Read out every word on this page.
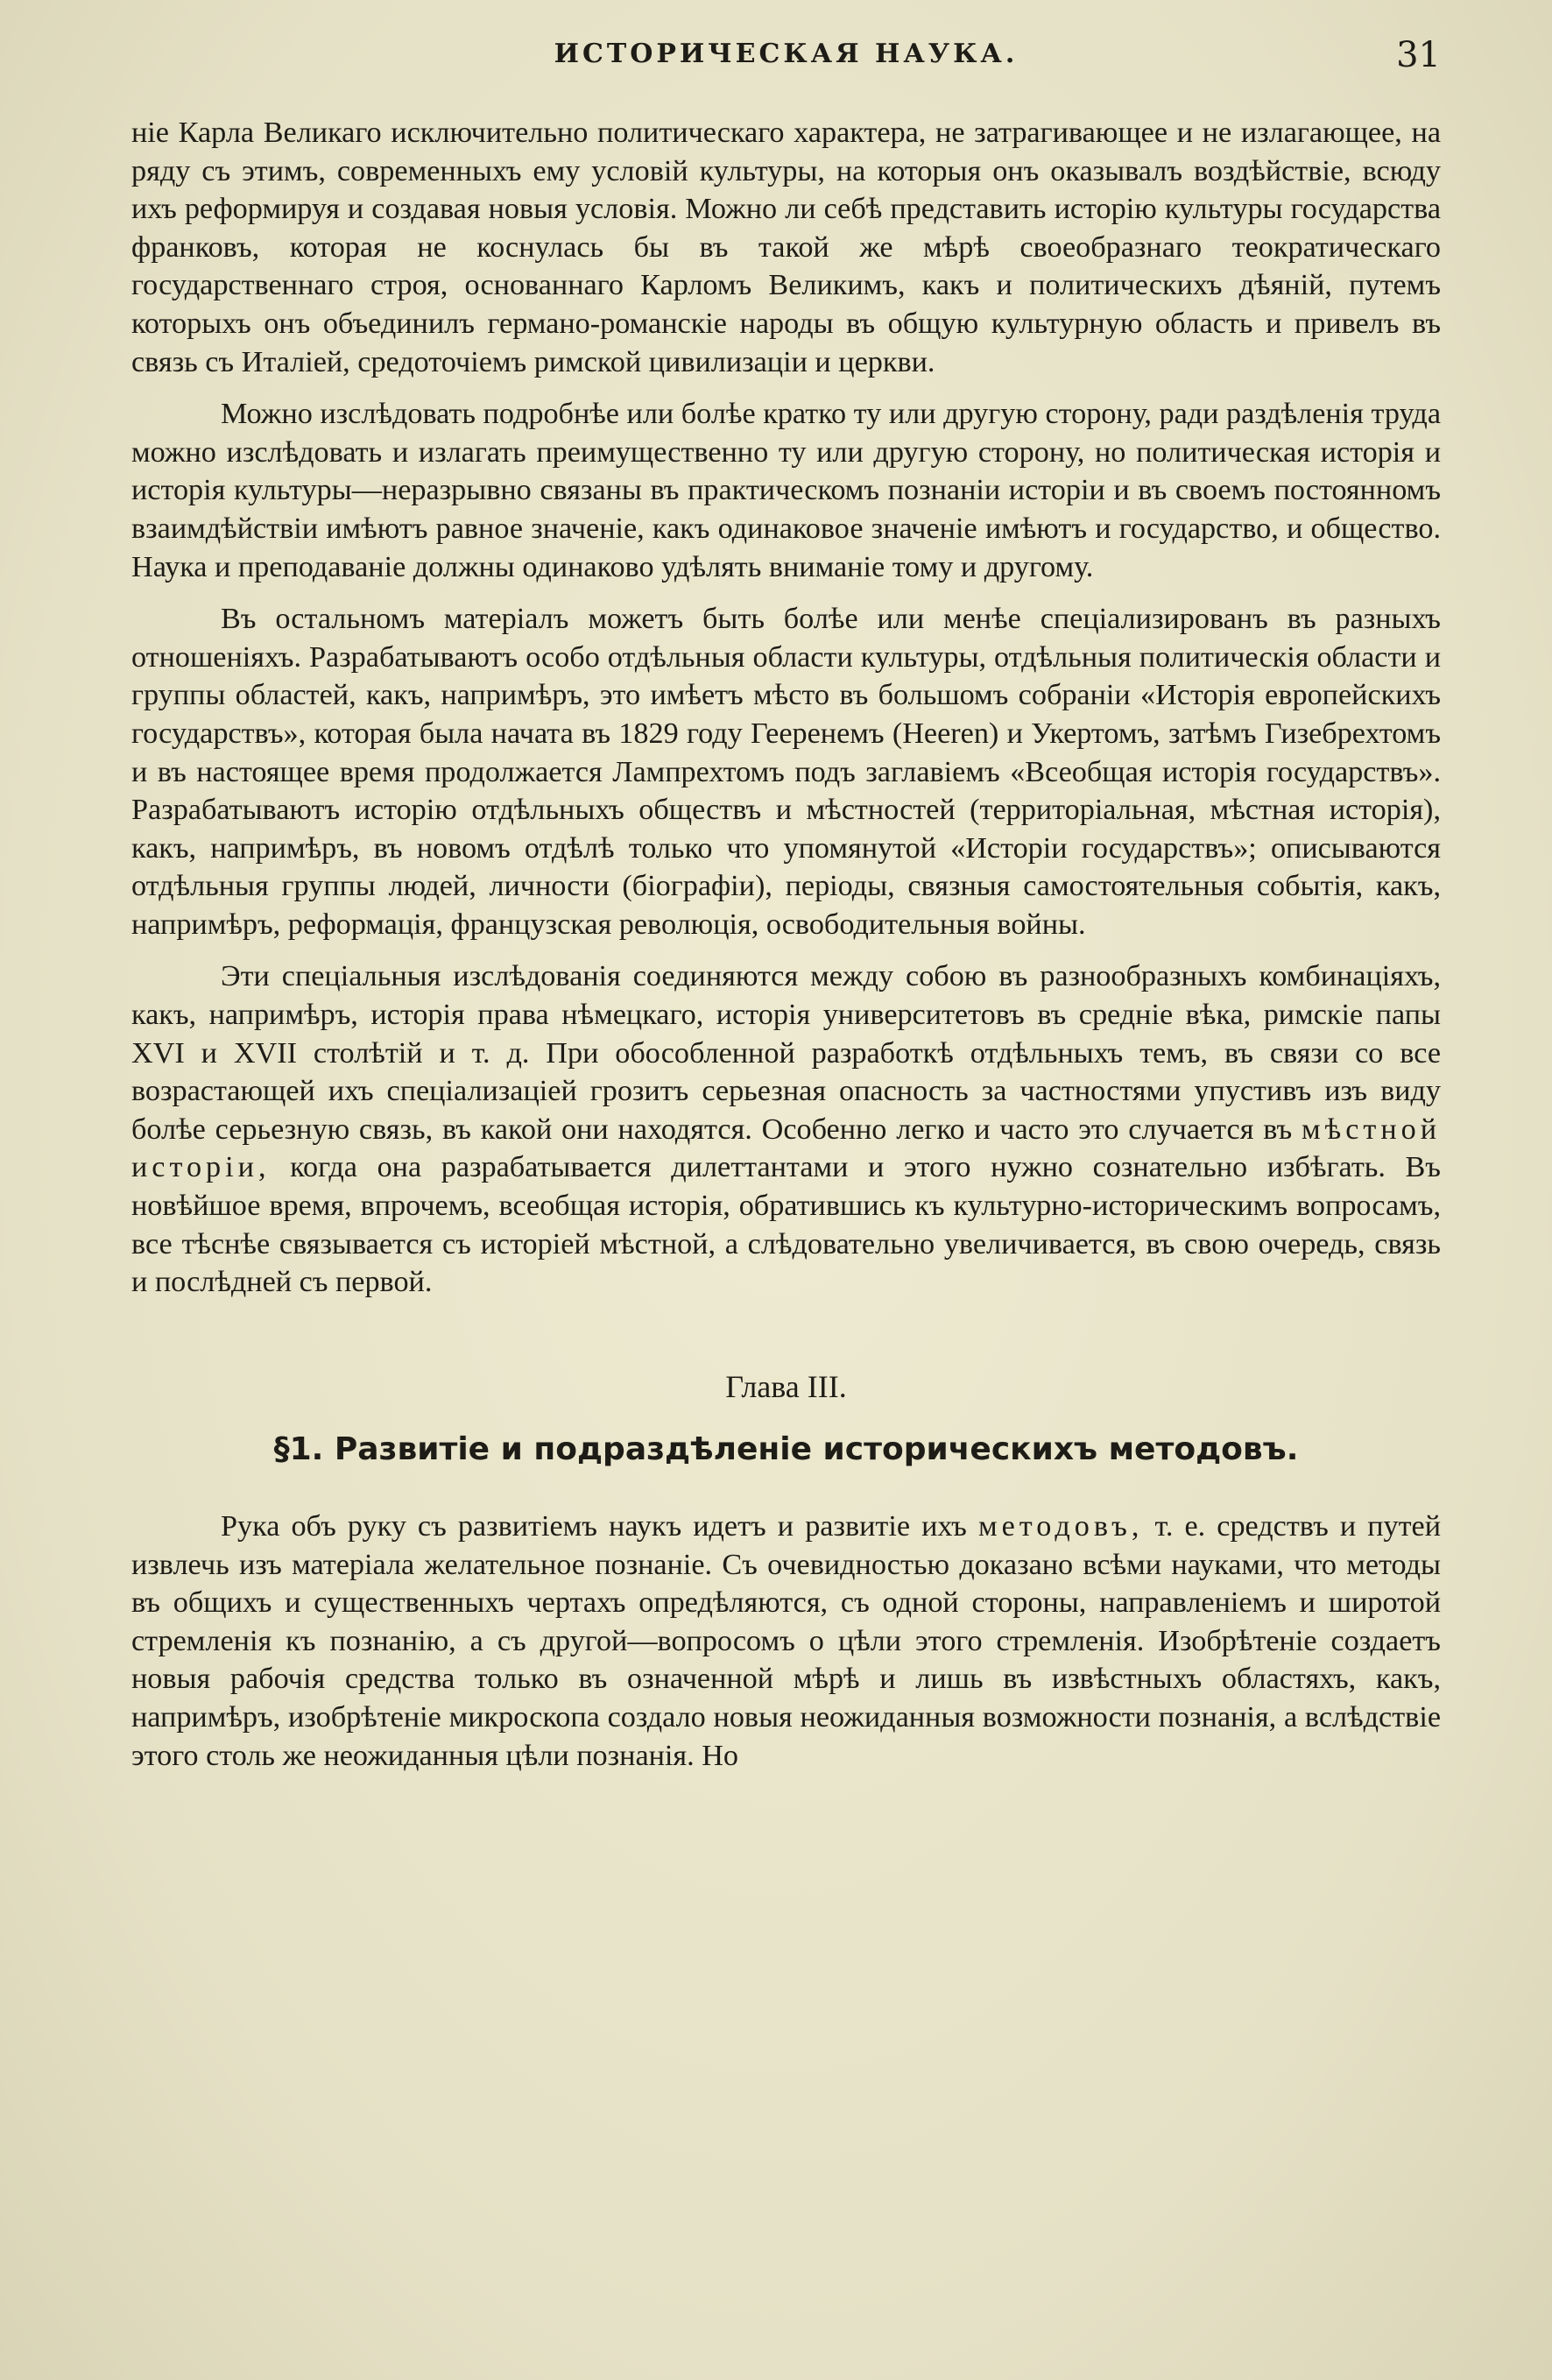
ИСТОРИЧЕСКАЯ НАУКА.	31

ніе Карла Великаго исключительно политическаго характера, не затрагивающее и не излагающее, на ряду съ этимъ, современныхъ ему условій культуры, на которыя онъ оказывалъ воздѣйствіе, всюду ихъ реформируя и создавая новыя условія. Можно ли себѣ представить исторію культуры государства франковъ, которая не коснулась бы въ такой же мѣрѣ своеобразнаго теократическаго государственнаго строя, основаннаго Карломъ Великимъ, какъ и политическихъ дѣяній, путемъ которыхъ онъ объединилъ германо-романскіе народы въ общую культурную область и привелъ въ связь съ Италіей, средоточіемъ римской цивилизаціи и церкви.

Можно изслѣдовать подробнѣе или болѣе кратко ту или другую сторону, ради раздѣленія труда можно изслѣдовать и излагать преимущественно ту или другую сторону, но политическая исторія и исторія культуры—неразрывно связаны въ практическомъ познаніи исторіи и въ своемъ постоянномъ взаимдѣйствіи имѣютъ равное значеніе, какъ одинаковое значеніе имѣютъ и государство, и общество. Наука и преподаваніе должны одинаково удѣлять вниманіе тому и другому.

Въ остальномъ матеріалъ можетъ быть болѣе или менѣе спеціализированъ въ разныхъ отношеніяхъ. Разрабатываютъ особо отдѣльныя области культуры, отдѣльныя политическія области и группы областей, какъ, напримѣръ, это имѣетъ мѣсто въ большомъ собраніи «Исторія европейскихъ государствъ», которая была начата въ 1829 году Гееренемъ (Heeren) и Укертомъ, затѣмъ Гизебрехтомъ и въ настоящее время продолжается Лампрехтомъ подъ заглавіемъ «Всеобщая исторія государствъ». Разрабатываютъ исторію отдѣльныхъ обществъ и мѣстностей (территоріальная, мѣстная исторія), какъ, напримѣръ, въ новомъ отдѣлѣ только что упомянутой «Исторіи государствъ»; описываются отдѣльныя группы людей, личности (біографіи), періоды, связныя самостоятельныя событія, какъ, напримѣръ, реформація, французская революція, освободительныя войны.

Эти спеціальныя изслѣдованія соединяются между собою въ разнообразныхъ комбинаціяхъ, какъ, напримѣръ, исторія права нѣмецкаго, исторія университетовъ въ средніе вѣка, римскіе папы XVI и XVII столѣтій и т. д. При обособленной разработкѣ отдѣльныхъ темъ, въ связи со все возрастающей ихъ спеціализаціей грозитъ серьезная опасность за частностями упустивъ изъ виду болѣе серьезную связь, въ какой они находятся. Особенно легко и часто это случается въ мѣстной исторіи, когда она разрабатывается дилеттантами и этого нужно сознательно избѣгать. Въ новѣйшое время, впрочемъ, всеобщая исторія, обратившись къ культурно-историческимъ вопросамъ, все тѣснѣе связывается съ исторіей мѣстной, а слѣдовательно увеличивается, въ свою очередь, связь и послѣдней съ первой.

Глава III.
§1. Развитіе и подраздѣленіе историческихъ методовъ.

Рука объ руку съ развитіемъ наукъ идетъ и развитіе ихъ методовъ, т. е. средствъ и путей извлечь изъ матеріала желательное познаніе. Съ очевидностью доказано всѣми науками, что методы въ общихъ и существенныхъ чертахъ опредѣляются, съ одной стороны, направленіемъ и широтой стремленія къ познанію, а съ другой—вопросомъ о цѣли этого стремленія. Изобрѣтеніе создаетъ новыя рабочія средства только въ означенной мѣрѣ и лишь въ извѣстныхъ областяхъ, какъ, напримѣръ, изобрѣтеніе микроскопа создало новыя неожиданныя возможности познанія, а вслѣдствіе этого столь же неожиданныя цѣли познанія. Но
